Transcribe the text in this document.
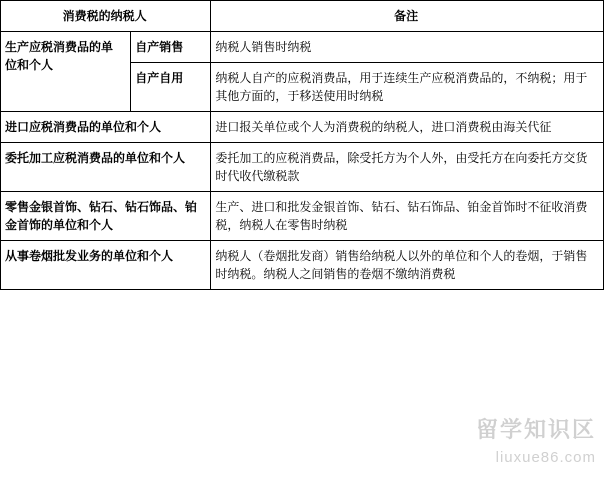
消费税的纳税人		备注
生产应税消费品的单位和个人	自产销售	纳税人销售时纳税
	自产自用	纳税人自产的应税消费品，用于连续生产应税消费品的，不纳税；用于其他方面的，于移送使用时纳税
进口应税消费品的单位和个人		进口报关单位或个人为消费税的纳税人，进口消费税由海关代征
委托加工应税消费品的单位和个人		委托加工的应税消费品，除受托方为个人外，由受托方在向委托方交货时代收代缴税款
零售金银首饰、钻石、钻石饰品、铂金首饰的单位和个人		生产、进口和批发金银首饰、钻石、钻石饰品、铂金首饰时不征收消费税，纳税人在零售时纳税
从事卷烟批发业务的单位和个人		纳税人（卷烟批发商）销售给纳税人以外的单位和个人的卷烟，于销售时纳税。纳税人之间销售的卷烟不缴纳消费税
留学知识区
liuxue86.com
